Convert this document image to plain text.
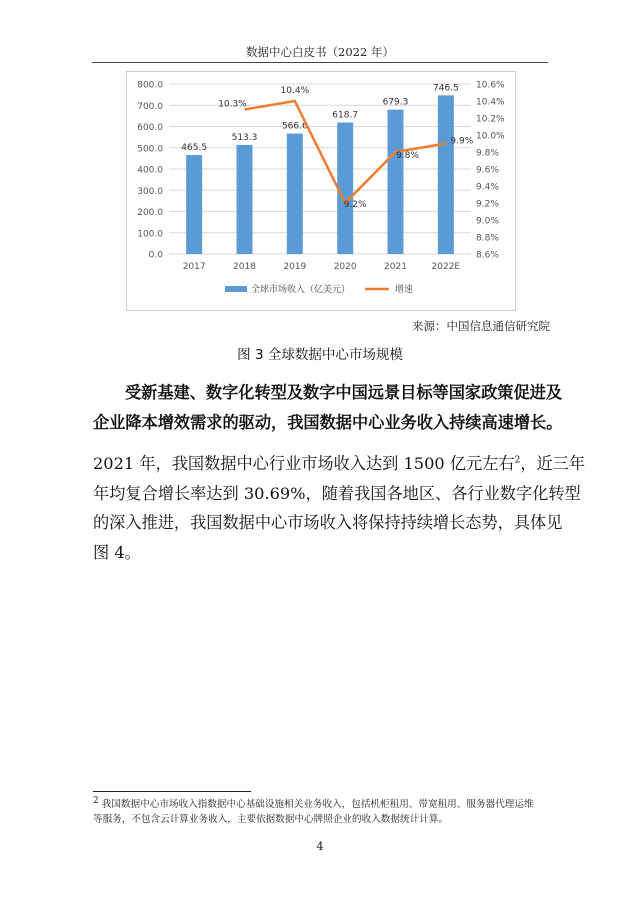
数据中心白皮书（2022 年）
0.0
100.0
200.0
300.0
400.0
500.0
600.0
700.0
800.0
8.6%
8.8%
9.0%
9.2%
9.4%
9.6%
9.8%
10.0%
10.2%
10.4%
10.6%
465.5
2017
513.3
2018
566.6
2019
618.7
2020
679.3
2021
746.5
2022E
10.3%
10.4%
9.2%
9.8%
9.9%
全球市场收入（亿美元）	增速
来源：中国信息通信研究院
图 3 全球数据中心市场规模
受新基建、数字化转型及数字中国远景目标等国家政策促进及
企业降本增效需求的驱动，我国数据中心业务收入持续高速增长。
2021 年，我国数据中心行业市场收入达到 1500 亿元左右$^2$，近三年
年均复合增长率达到 30.69%，随着我国各地区、各行业数字化转型
的深入推进，我国数据中心市场收入将保持持续增长态势，具体见
图 4。
$^2$ 我国数据中心市场收入指数据中心基础设施相关业务收入，包括机柜租用、带宽租用、服务器代理运维
等服务，不包含云计算业务收入，主要依据数据中心牌照企业的收入数据统计计算。
4
